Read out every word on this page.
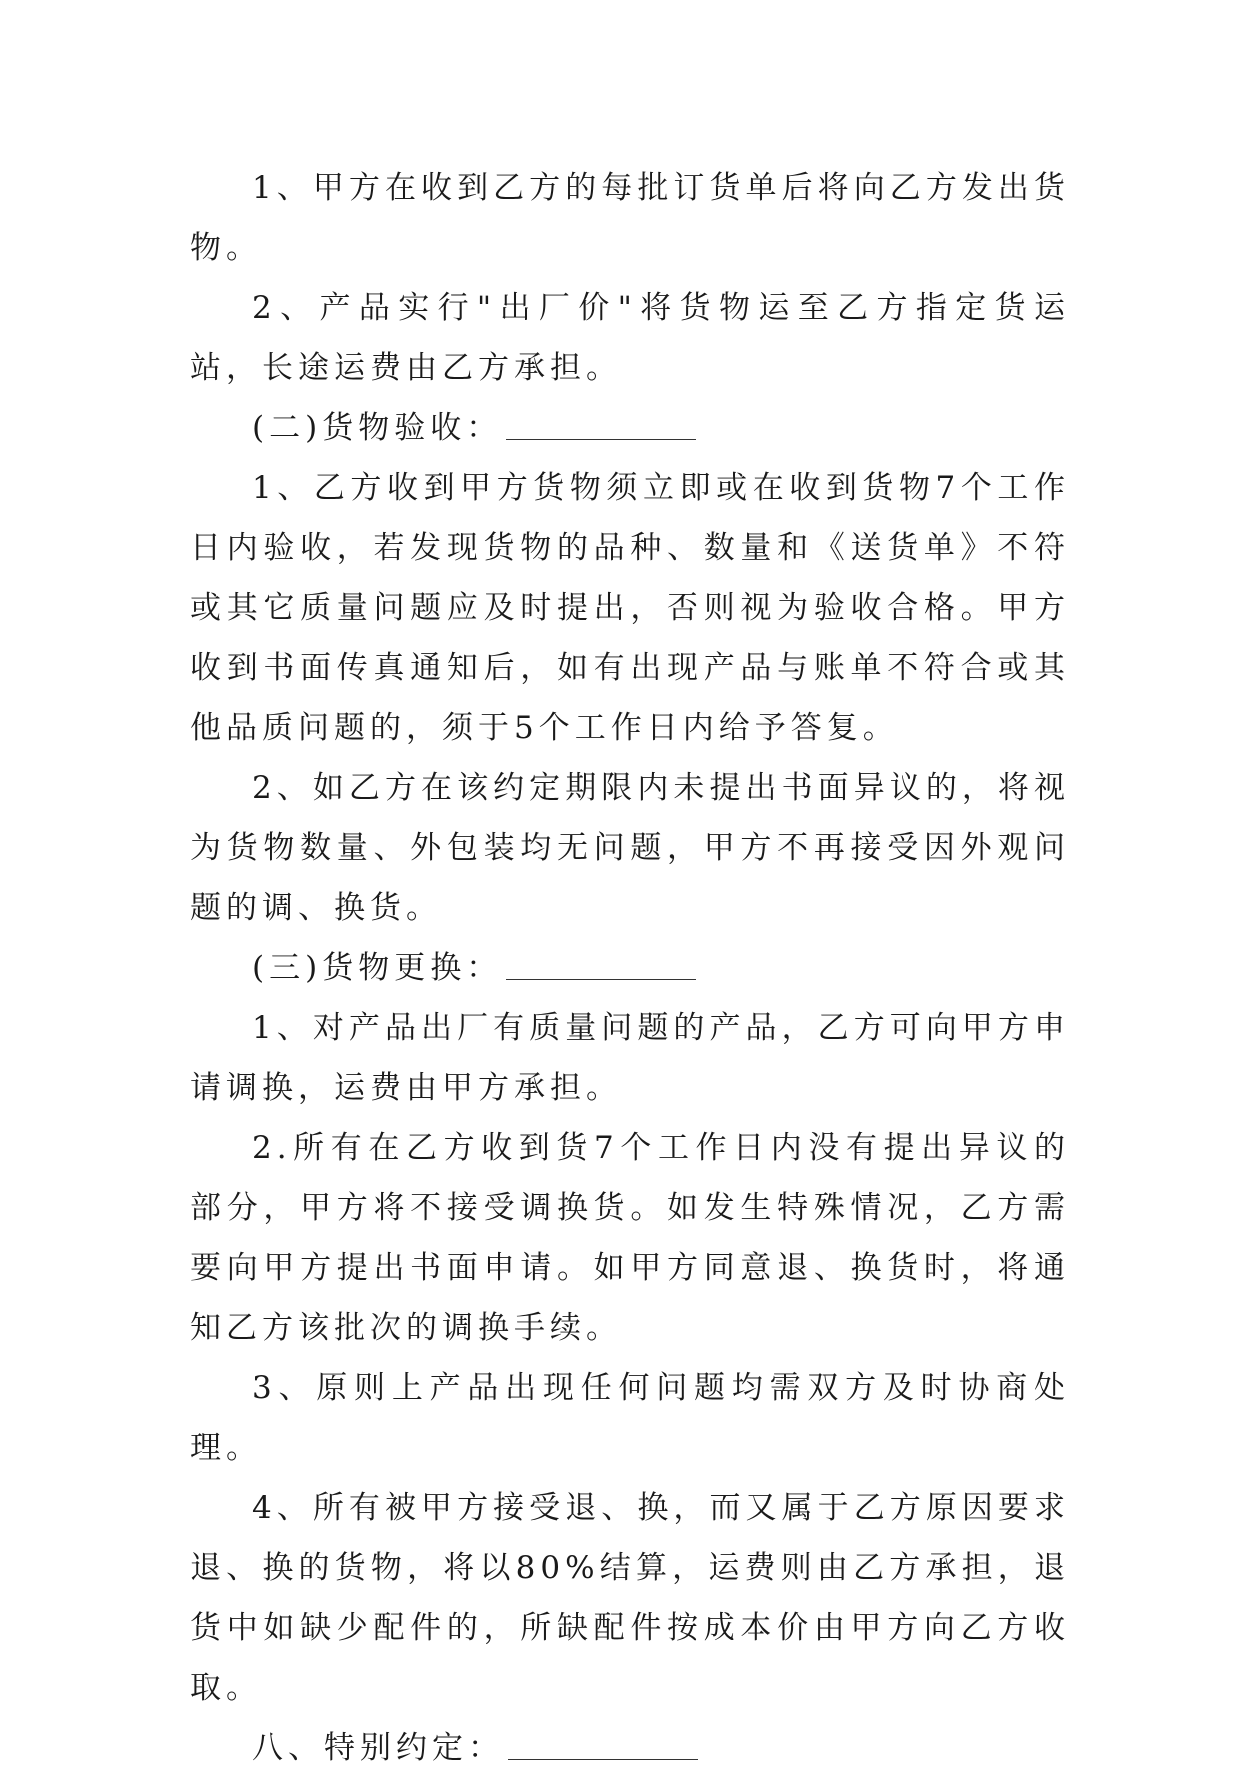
1、甲方在收到乙方的每批订货单后将向乙方发出货物。

2、产品实行"出厂价"将货物运至乙方指定货运站，长途运费由乙方承担。

(二)货物验收：

1、乙方收到甲方货物须立即或在收到货物7个工作日内验收，若发现货物的品种、数量和《送货单》不符或其它质量问题应及时提出，否则视为验收合格。甲方收到书面传真通知后，如有出现产品与账单不符合或其他品质问题的，须于5个工作日内给予答复。

2、如乙方在该约定期限内未提出书面异议的，将视为货物数量、外包装均无问题，甲方不再接受因外观问题的调、换货。

(三)货物更换：

1、对产品出厂有质量问题的产品，乙方可向甲方申请调换，运费由甲方承担。

2.所有在乙方收到货7个工作日内没有提出异议的部分，甲方将不接受调换货。如发生特殊情况，乙方需要向甲方提出书面申请。如甲方同意退、换货时，将通知乙方该批次的调换手续。

3、原则上产品出现任何问题均需双方及时协商处理。

4、所有被甲方接受退、换，而又属于乙方原因要求退、换的货物，将以80%结算，运费则由乙方承担，退货中如缺少配件的，所缺配件按成本价由甲方向乙方收取。

八、特别约定：
